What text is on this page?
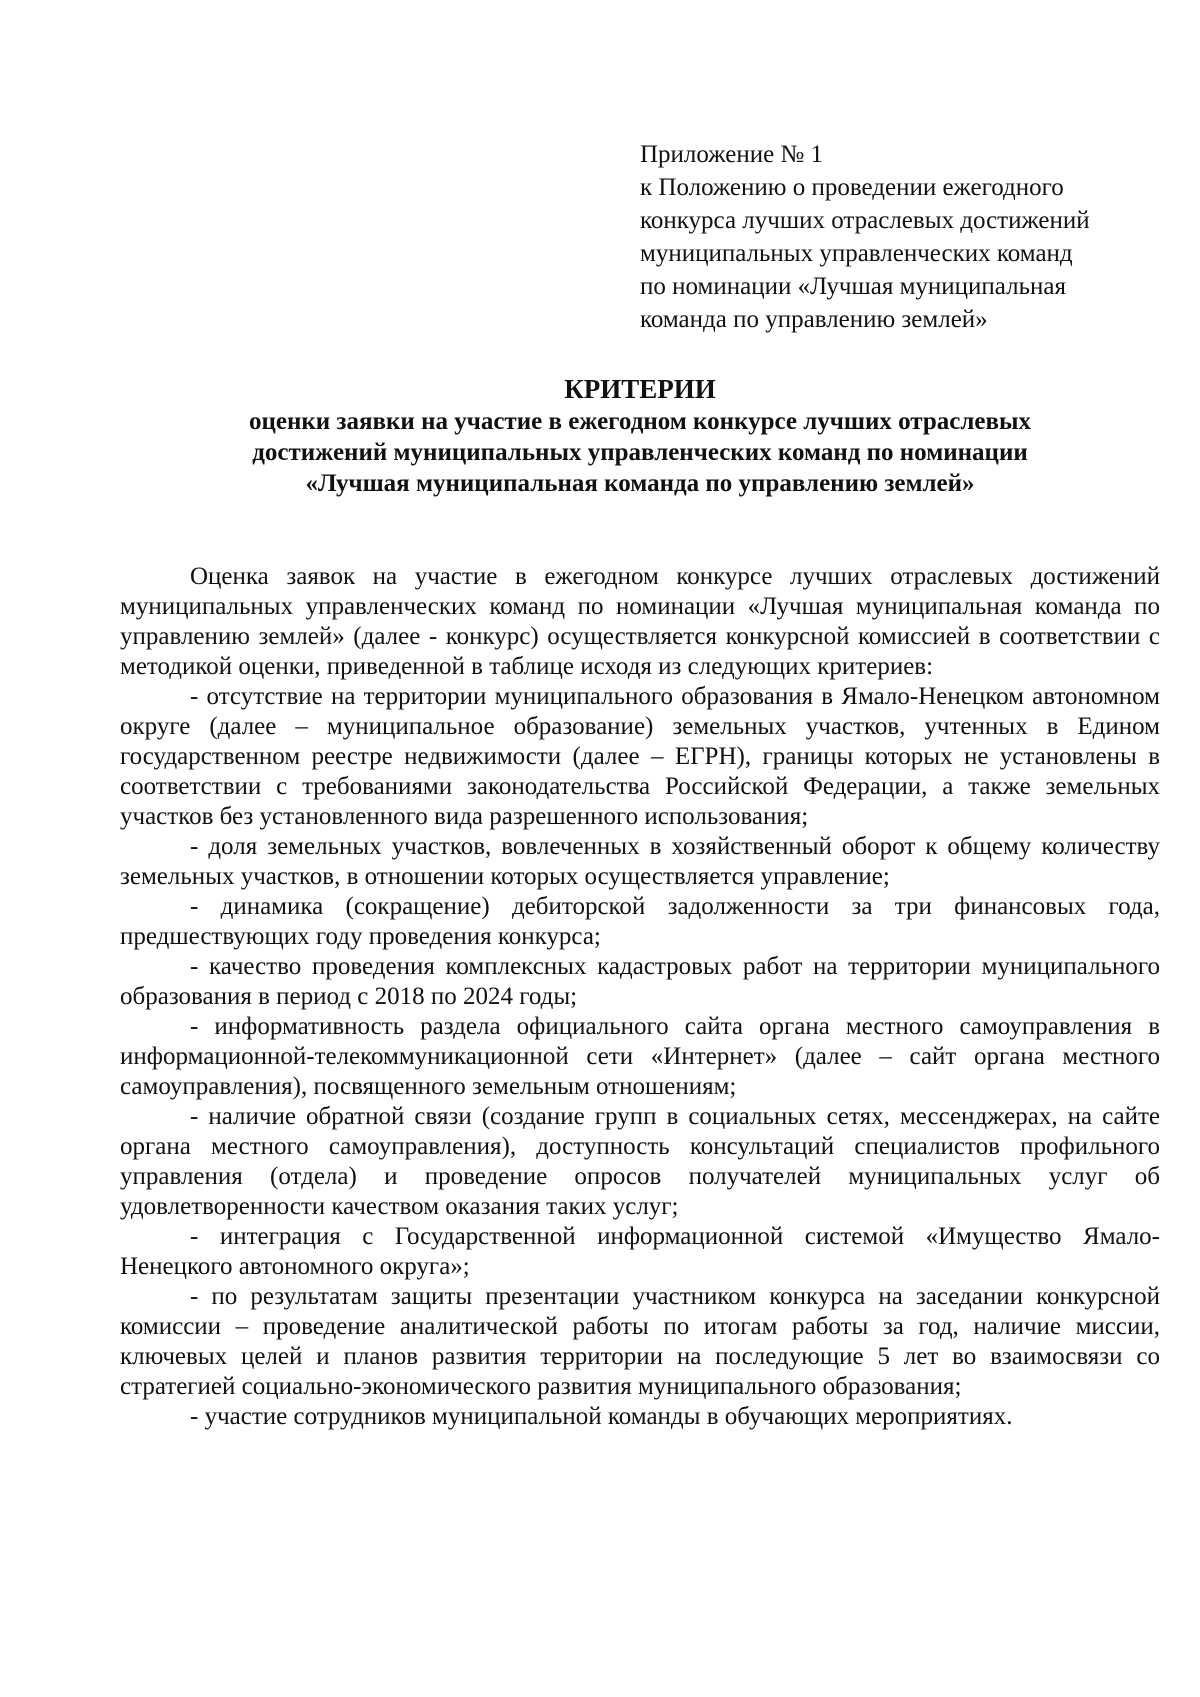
Приложение № 1
к Положению о проведении ежегодного
конкурса лучших отраслевых достижений
муниципальных управленческих команд
по номинации «Лучшая муниципальная
команда по управлению землей»
КРИТЕРИИ
оценки заявки на участие в ежегодном конкурсе лучших отраслевых
достижений муниципальных управленческих команд по номинации
«Лучшая муниципальная команда по управлению землей»

Оценка заявок на участие в ежегодном конкурсе лучших отраслевых достижений муниципальных управленческих команд по номинации «Лучшая муниципальная команда по управлению землей» (далее - конкурс) осуществляется конкурсной комиссией в соответствии с методикой оценки, приведенной в таблице исходя из следующих критериев:

- отсутствие на территории муниципального образования в Ямало-Ненецком автономном округе (далее – муниципальное образование) земельных участков, учтенных в Едином государственном реестре недвижимости (далее – ЕГРН), границы которых не установлены в соответствии с требованиями законодательства Российской Федерации, а также земельных участков без установленного вида разрешенного использования;

- доля земельных участков, вовлеченных в хозяйственный оборот к общему количеству земельных участков, в отношении которых осуществляется управление;

- динамика (сокращение) дебиторской задолженности за три финансовых года, предшествующих году проведения конкурса;

- качество проведения комплексных кадастровых работ на территории муниципального образования в период с 2018 по 2024 годы;

- информативность раздела официального сайта органа местного самоуправления в информационной-телекоммуникационной сети «Интернет» (далее – сайт органа местного самоуправления), посвященного земельным отношениям;

- наличие обратной связи (создание групп в социальных сетях, мессенджерах, на сайте органа местного самоуправления), доступность консультаций специалистов профильного управления (отдела) и проведение опросов получателей муниципальных услуг об удовлетворенности качеством оказания таких услуг;

- интеграция с Государственной информационной системой «Имущество Ямало-Ненецкого автономного округа»;

- по результатам защиты презентации участником конкурса на заседании конкурсной комиссии – проведение аналитической работы по итогам работы за год, наличие миссии, ключевых целей и планов развития территории на последующие 5 лет во взаимосвязи со стратегией социально-экономического развития муниципального образования;

- участие сотрудников муниципальной команды в обучающих мероприятиях.
